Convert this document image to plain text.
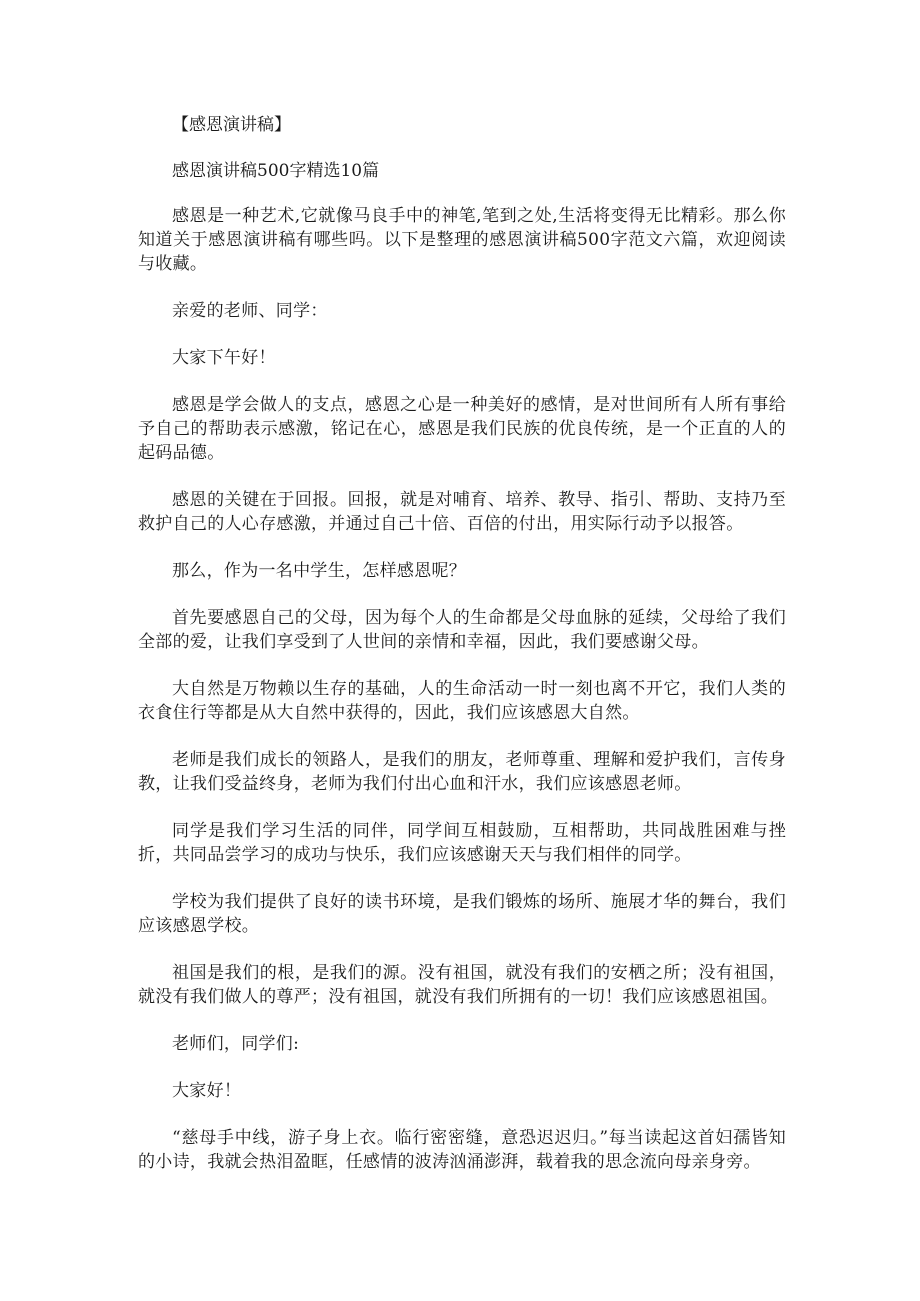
【感恩演讲稿】

感恩演讲稿500字精选10篇

感恩是一种艺术,它就像马良手中的神笔,笔到之处,生活将变得无比精彩。那么你知道关于感恩演讲稿有哪些吗。以下是整理的感恩演讲稿500字范文六篇，欢迎阅读与收藏。

亲爱的老师、同学：

大家下午好！

感恩是学会做人的支点，感恩之心是一种美好的感情，是对世间所有人所有事给予自己的帮助表示感激，铭记在心，感恩是我们民族的优良传统，是一个正直的人的起码品德。

感恩的关键在于回报。回报，就是对哺育、培养、教导、指引、帮助、支持乃至救护自己的人心存感激，并通过自己十倍、百倍的付出，用实际行动予以报答。

那么，作为一名中学生，怎样感恩呢？

首先要感恩自己的父母，因为每个人的生命都是父母血脉的延续，父母给了我们全部的爱，让我们享受到了人世间的亲情和幸福，因此，我们要感谢父母。

大自然是万物赖以生存的基础，人的生命活动一时一刻也离不开它，我们人类的衣食住行等都是从大自然中获得的，因此，我们应该感恩大自然。

老师是我们成长的领路人，是我们的朋友，老师尊重、理解和爱护我们，言传身教，让我们受益终身，老师为我们付出心血和汗水，我们应该感恩老师。

同学是我们学习生活的同伴，同学间互相鼓励，互相帮助，共同战胜困难与挫折，共同品尝学习的成功与快乐，我们应该感谢天天与我们相伴的同学。

学校为我们提供了良好的读书环境，是我们锻炼的场所、施展才华的舞台，我们应该感恩学校。

祖国是我们的根，是我们的源。没有祖国，就没有我们的安栖之所；没有祖国，就没有我们做人的尊严；没有祖国，就没有我们所拥有的一切！我们应该感恩祖国。

老师们，同学们:

大家好！

“慈母手中线，游子身上衣。临行密密缝，意恐迟迟归。”每当读起这首妇孺皆知的小诗，我就会热泪盈眶，任感情的波涛汹涌澎湃，载着我的思念流向母亲身旁。
